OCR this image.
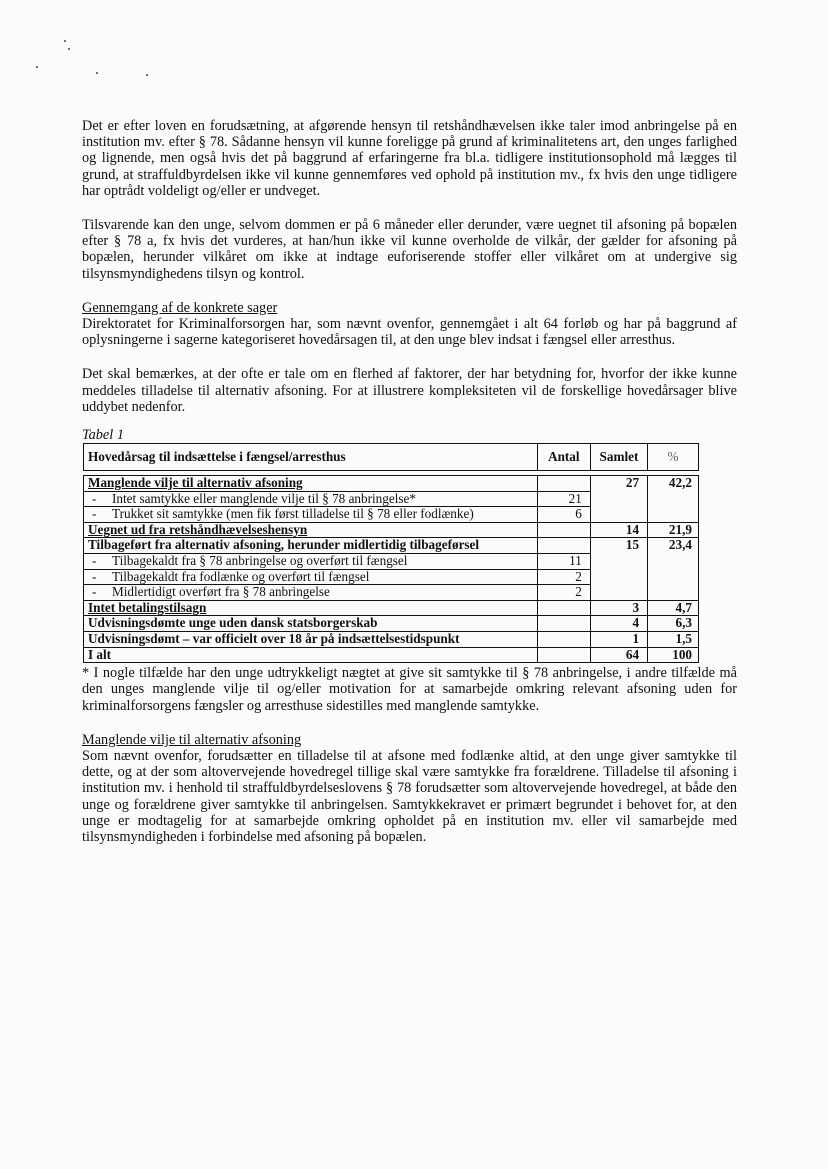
Det er efter loven en forudsætning, at afgørende hensyn til retshåndhævelsen ikke taler imod anbringelse på en institution mv. efter § 78. Sådanne hensyn vil kunne foreligge på grund af kriminalitetens art, den unges farlighed og lignende, men også hvis det på baggrund af erfaringerne fra bl.a. tidligere institutionsophold må lægges til grund, at straffuldbyrdelsen ikke vil kunne gennemføres ved ophold på institution mv., fx hvis den unge tidligere har optrådt voldeligt og/eller er undveget.

Tilsvarende kan den unge, selvom dommen er på 6 måneder eller derunder, være uegnet til afsoning på bopælen efter § 78 a, fx hvis det vurderes, at han/hun ikke vil kunne overholde de vilkår, der gælder for afsoning på bopælen, herunder vilkåret om ikke at indtage euforiserende stoffer eller vilkåret om at undergive sig tilsynsmyndighedens tilsyn og kontrol.

Gennemgang af de konkrete sager

Direktoratet for Kriminalforsorgen har, som nævnt ovenfor, gennemgået i alt 64 forløb og har på baggrund af oplysningerne i sagerne kategoriseret hovedårsagen til, at den unge blev indsat i fængsel eller arresthus.

Det skal bemærkes, at der ofte er tale om en flerhed af faktorer, der har betydning for, hvorfor der ikke kunne meddeles tilladelse til alternativ afsoning. For at illustrere kompleksiteten vil de forskellige hovedårsager blive uddybet nedenfor.

Tabel 1
Hovedårsag til indsættelse i fængsel/arresthus	Antal	Samlet	%

Manglende vilje til alternativ afsoning		27	42,2
- Intet samtykke eller manglende vilje til § 78 anbringelse*	21		

- Trukket sit samtykke (men fik først tilladelse til § 78 eller fodlænke)	6		
Uegnet ud fra retshåndhævelseshensyn		14	21,9
Tilbageført fra alternativ afsoning, herunder midlertidig tilbageførsel		15	23,4
- Tilbagekaldt fra § 78 anbringelse og overført til fængsel	11		
- Tilbagekaldt fra fodlænke og overført til fængsel	2		
- Midlertidigt overført fra § 78 anbringelse	2		
Intet betalingstilsagn		3	4,7
Udvisningsdømte unge uden dansk statsborgerskab		4	6,3
Udvisningsdømt – var officielt over 18 år på indsættelsestidspunkt		1	1,5
I alt		64	100

* I nogle tilfælde har den unge udtrykkeligt nægtet at give sit samtykke til § 78 anbringelse, i andre tilfælde må den unges manglende vilje til og/eller motivation for at samarbejde omkring relevant afsoning uden for kriminalforsorgens fængsler og arresthuse sidestilles med manglende samtykke.

Manglende vilje til alternativ afsoning

Som nævnt ovenfor, forudsætter en tilladelse til at afsone med fodlænke altid, at den unge giver samtykke til dette, og at der som altovervejende hovedregel tillige skal være samtykke fra forældrene. Tilladelse til afsoning i institution mv. i henhold til straffuldbyrdelseslovens § 78 forudsætter som altovervejende hovedregel, at både den unge og forældrene giver samtykke til anbringelsen. Samtykkekravet er primært begrundet i behovet for, at den unge er modtagelig for at samarbejde omkring opholdet på en institution mv. eller vil samarbejde med tilsynsmyndigheden i forbindelse med afsoning på bopælen.
